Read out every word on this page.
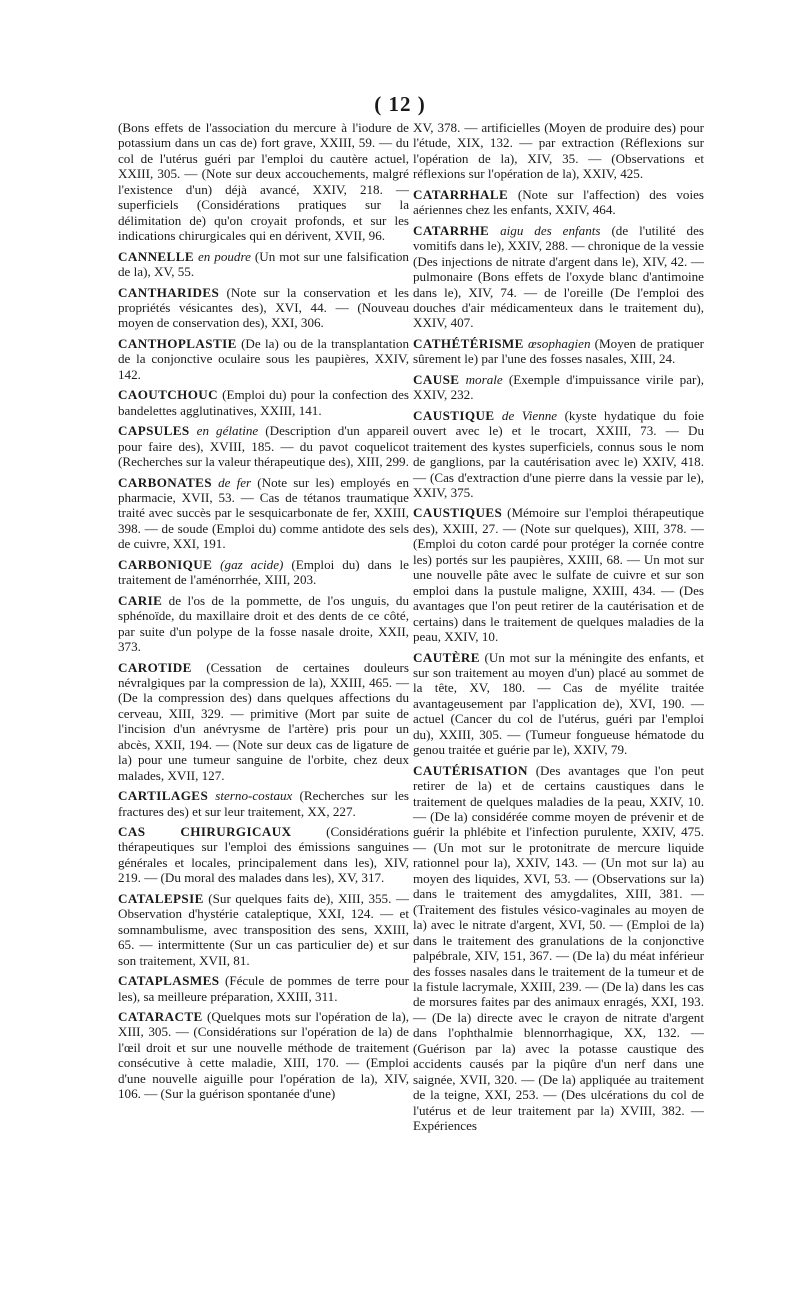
( 12 )

(Bons effets de l'association du mercure à l'iodure de potassium dans un cas de) fort grave, XXIII, 59. — du col de l'utérus guéri par l'emploi du cautère actuel, XXIII, 305. — (Note sur deux accouchements, malgré l'existence d'un) déjà avancé, XXIV, 218. — superficiels (Considérations pratiques sur la délimitation de) qu'on croyait profonds, et sur les indications chirurgicales qui en dérivent, XVII, 96.

CANNELLE en poudre (Un mot sur une falsification de la), XV, 55.

CANTHARIDES (Note sur la conservation et les propriétés vésicantes des), XVI, 44. — (Nouveau moyen de conservation des), XXI, 306.

CANTHOPLASTIE (De la) ou de la transplantation de la conjonctive oculaire sous les paupières, XXIV, 142.

CAOUTCHOUC (Emploi du) pour la confection des bandelettes agglutinatives, XXIII, 141.

CAPSULES en gélatine (Description d'un appareil pour faire des), XVIII, 185. — du pavot coquelicot (Recherches sur la valeur thérapeutique des), XIII, 299.

CARBONATES de fer (Note sur les) employés en pharmacie, XVII, 53. — Cas de tétanos traumatique traité avec succès par le sesquicarbonate de fer, XXIII, 398. — de soude (Emploi du) comme antidote des sels de cuivre, XXI, 191.

CARBONIQUE (gaz acide) (Emploi du) dans le traitement de l'aménorrhée, XIII, 203.

CARIE de l'os de la pommette, de l'os unguis, du sphénoïde, du maxillaire droit et des dents de ce côté, par suite d'un polype de la fosse nasale droite, XXII, 373.

CAROTIDE (Cessation de certaines douleurs névralgiques par la compression de la), XXIII, 465. — (De la compression des) dans quelques affections du cerveau, XIII, 329. — primitive (Mort par suite de l'incision d'un anévrysme de l'artère) pris pour un abcès, XXII, 194. — (Note sur deux cas de ligature de la) pour une tumeur sanguine de l'orbite, chez deux malades, XVII, 127.

CARTILAGES sterno-costaux (Recherches sur les fractures des) et sur leur traitement, XX, 227.

CAS CHIRURGICAUX	(Considérations thérapeutiques sur l'emploi des émissions sanguines générales et locales, principalement dans les), XIV, 219. — (Du moral des malades dans les), XV, 317.

CATALEPSIE (Sur quelques faits de), XIII, 355. — Observation d'hystérie cataleptique, XXI, 124. — et somnambulisme, avec transposition des sens, XXIII, 65. — intermittente (Sur un cas particulier de) et sur son traitement, XVII, 81.

CATAPLASMES (Fécule de pommes de terre pour les), sa meilleure préparation, XXIII, 311.

CATARACTE (Quelques mots sur l'opération de la), XIII, 305. — (Considérations sur l'opération de la) de l'œil droit et sur une nouvelle méthode de traitement consécutive à cette maladie, XIII, 170. — (Emploi d'une nouvelle aiguille pour l'opération de la), XIV, 106. — (Sur la guérison spontanée d'une)

XV, 378. — artificielles (Moyen de produire des) pour l'étude, XIX, 132. — par extraction (Réflexions sur l'opération de la), XIV, 35. — (Observations et réflexions sur l'opération de la), XXIV, 425.

CATARRHALE (Note sur l'affection) des voies aériennes chez les enfants, XXIV, 464.

CATARRHE aigu des enfants (de l'utilité des vomitifs dans le), XXIV, 288. — chronique de la vessie (Des injections de nitrate d'argent dans le), XIV, 42. — pulmonaire (Bons effets de l'oxyde blanc d'antimoine dans le), XIV, 74. — de l'oreille (De l'emploi des douches d'air médicamenteux dans le traitement du), XXIV, 407.

CATHÉTÉRISME œsophagien (Moyen de pratiquer sûrement le) par l'une des fosses nasales, XIII, 24.

CAUSE morale (Exemple d'impuissance virile par), XXIV, 232.

CAUSTIQUE de Vienne (kyste hydatique du foie ouvert avec le) et le trocart, XXIII, 73. — Du traitement des kystes superficiels, connus sous le nom de ganglions, par la cautérisation avec le) XXIV, 418. — (Cas d'extraction d'une pierre dans la vessie par le), XXIV, 375.

CAUSTIQUES (Mémoire sur l'emploi thérapeutique des), XXIII, 27. — (Note sur quelques), XIII, 378. — (Emploi du coton cardé pour protéger la cornée contre les) portés sur les paupières, XXIII, 68. — Un mot sur une nouvelle pâte avec le sulfate de cuivre et sur son emploi dans la pustule maligne, XXIII, 434. — (Des avantages que l'on peut retirer de la cautérisation et de certains) dans le traitement de quelques maladies de la peau, XXIV, 10.

CAUTÈRE (Un mot sur la méningite des enfants, et sur son traitement au moyen d'un) placé au sommet de la tête, XV, 180. — Cas de myélite traitée avantageusement par l'application de), XVI, 190. — actuel (Cancer du col de l'utérus, guéri par l'emploi du), XXIII, 305. — (Tumeur fongueuse hématode du genou traitée et guérie par le), XXIV, 79.

CAUTÉRISATION (Des avantages que l'on peut retirer de la) et de certains caustiques dans le traitement de quelques maladies de la peau, XXIV, 10. — (De la) considérée comme moyen de prévenir et de guérir la phlébite et l'infection purulente, XXIV, 475. — (Un mot sur le protonitrate de mercure liquide rationnel pour la), XXIV, 143. — (Un mot sur la) au moyen des liquides, XVI, 53. — (Observations sur la) dans le traitement des amygdalites, XIII, 381. — (Traitement des fistules vésico-vaginales au moyen de la) avec le nitrate d'argent, XVI, 50. — (Emploi de la) dans le traitement des granulations de la conjonctive palpébrale, XIV, 151, 367. — (De la) du méat inférieur des fosses nasales dans le traitement de la tumeur et de la fistule lacrymale, XXIII, 239. — (De la) dans les cas de morsures faites par des animaux enragés, XXI, 193. — (De la) directe avec le crayon de nitrate d'argent dans l'ophthalmie blennorrhagique, XX, 132. — (Guérison par la) avec la potasse caustique des accidents causés par la piqûre d'un nerf dans une saignée, XVII, 320. — (De la) appliquée au traitement de la teigne, XXI, 253. — (Des ulcérations du col de l'utérus et de leur traitement par la) XVIII, 382. — Expériences
